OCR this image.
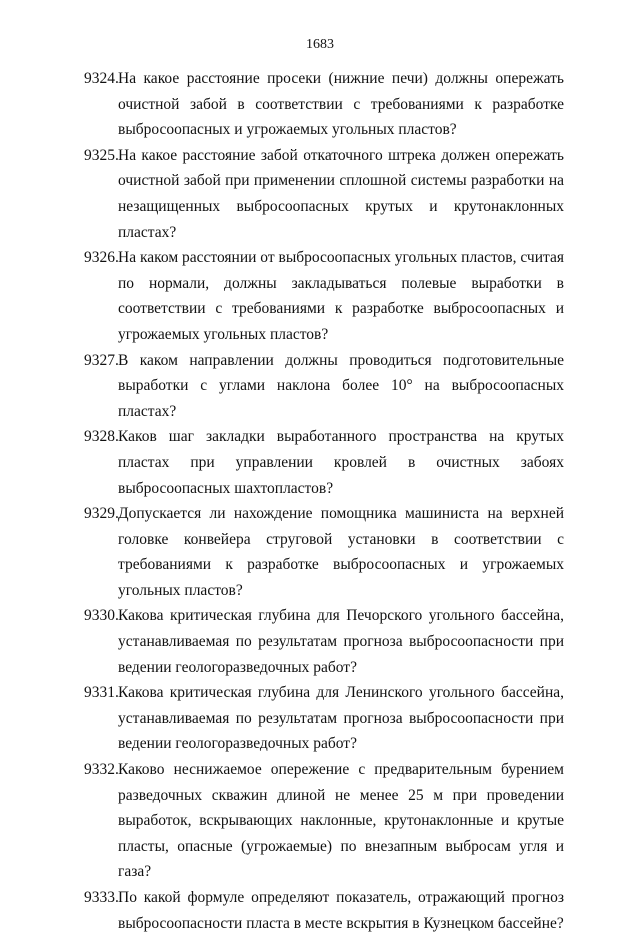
1683
9324. На какое расстояние просеки (нижние печи) должны опережать очистной забой в соответствии с требованиями к разработке выбросоопасных и угрожаемых угольных пластов?
9325. На какое расстояние забой откаточного штрека должен опережать очистной забой при применении сплошной системы разработки на незащищенных выбросоопасных крутых и крутонаклонных пластах?
9326. На каком расстоянии от выбросоопасных угольных пластов, считая по нормали, должны закладываться полевые выработки в соответствии с требованиями к разработке выбросоопасных и угрожаемых угольных пластов?
9327. В каком направлении должны проводиться подготовительные выработки с углами наклона более 10° на выбросоопасных пластах?
9328. Каков шаг закладки выработанного пространства на крутых пластах при управлении кровлей в очистных забоях выбросоопасных шахтопластов?
9329. Допускается ли нахождение помощника машиниста на верхней головке конвейера струговой установки в соответствии с требованиями к разработке выбросоопасных и угрожаемых угольных пластов?
9330. Какова критическая глубина для Печорского угольного бассейна, устанавливаемая по результатам прогноза выбросоопасности при ведении геологоразведочных работ?
9331. Какова критическая глубина для Ленинского угольного бассейна, устанавливаемая по результатам прогноза выбросоопасности при ведении геологоразведочных работ?
9332. Каково неснижаемое опережение с предварительным бурением разведочных скважин длиной не менее 25 м при проведении выработок, вскрывающих наклонные, крутонаклонные и крутые пласты, опасные (угрожаемые) по внезапным выбросам угля и газа?
9333. По какой формуле определяют показатель, отражающий прогноз выбросоопасности пласта в месте вскрытия в Кузнецком бассейне?
